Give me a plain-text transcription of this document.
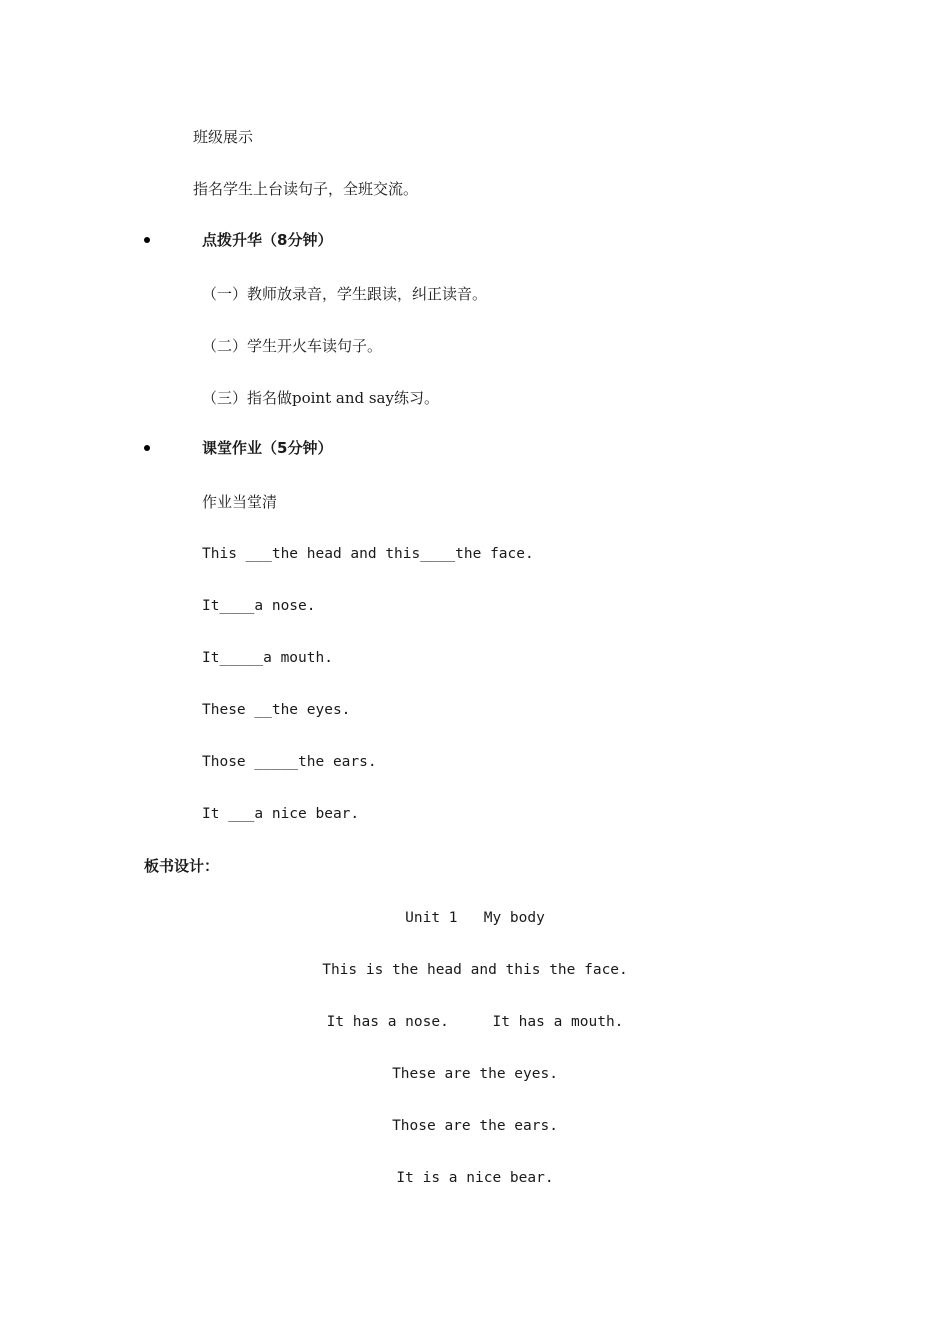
班级展示
指名学生上台读句子，全班交流。
点拨升华（8分钟）
（一）教师放录音，学生跟读，纠正读音。
（二）学生开火车读句子。
（三）指名做point and say练习。
课堂作业（5分钟）
作业当堂清
This ___the head and this____the face.
It____a nose.
It_____a mouth.
These __the eyes.
Those _____the ears.
It ___a nice bear.
板书设计：
Unit 1   My body
This is the head and this the face.
It has a nose.     It has a mouth.
These are the eyes.
Those are the ears.
It is a nice bear.
